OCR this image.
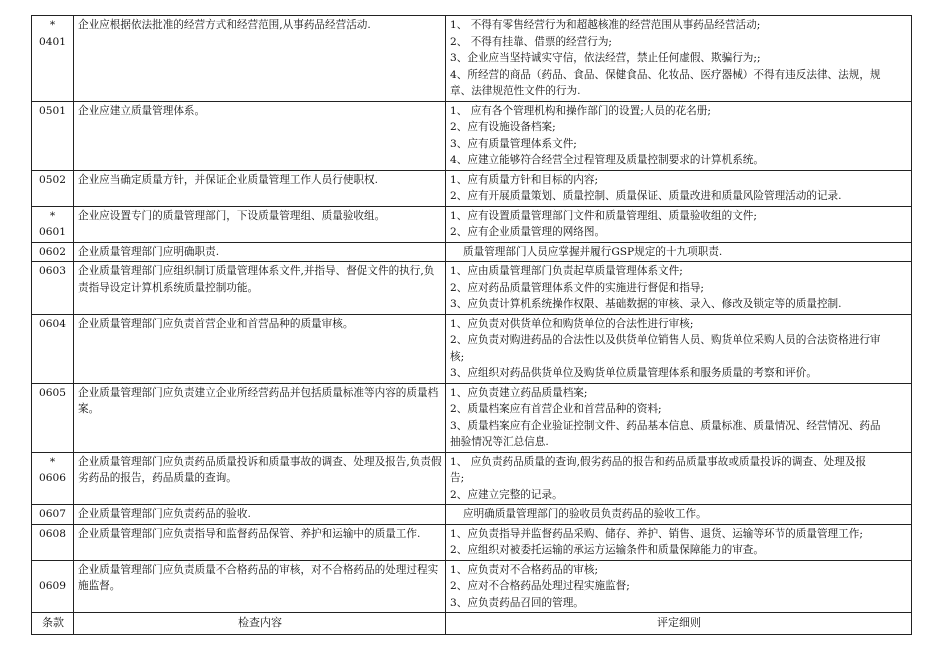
*
0401	企业应根据依法批准的经营方式和经营范围,从事药品经营活动.	1、 不得有零售经营行为和超越核准的经营范围从事药品经营活动;
2、 不得有挂靠、借票的经营行为;
3、企业应当坚持诚实守信，依法经营，禁止任何虚假、欺骗行为;;
4、所经营的商品（药品、食品、保健食品、化妆品、医疗器械）不得有违反法律、法规，规
章、法律规范性文件的行为.

0501	企业应建立质量管理体系。	1、 应有各个管理机构和操作部门的设置;人员的花名册;
2、应有设施设备档案;
3、应有质量管理体系文件;
4、应建立能够符合经营全过程管理及质量控制要求的计算机系统。

0502	企业应当确定质量方针，并保证企业质量管理工作人员行使职权.	1、应有质量方针和目标的内容;
2、应有开展质量策划、质量控制、质量保证、质量改进和质量风险管理活动的记录.

*
0601	企业应设置专门的质量管理部门，下设质量管理组、质量验收组。	1、应有设置质量管理部门文件和质量管理组、质量验收组的文件;
2、应有企业质量管理的网络图。

0602	企业质量管理部门应明确职责.	质量管理部门人员应掌握并履行GSP规定的十九项职责.

0603	企业质量管理部门应组织制订质量管理体系文件,并指导、督促文件的执行,负责指导设定计算机系统质量控制功能。	1、应由质量管理部门负责起草质量管理体系文件;
2、应对药品质量管理体系文件的实施进行督促和指导;
3、应负责计算机系统操作权限、基础数据的审核、录入、修改及锁定等的质量控制.

0604	企业质量管理部门应负责首营企业和首营品种的质量审核。	1、应负责对供货单位和购货单位的合法性进行审核;
2、应负责对购进药品的合法性以及供货单位销售人员、购货单位采购人员的合法资格进行审
核;
3、应组织对药品供货单位及购货单位质量管理体系和服务质量的考察和评价。

0605	企业质量管理部门应负责建立企业所经营药品并包括质量标准等内容的质量档案。	1、应负责建立药品质量档案;
2、质量档案应有首营企业和首营品种的资料;
3、质量档案应有企业验证控制文件、药品基本信息、质量标准、质量情况、经营情况、药品
抽验情况等汇总信息.

*
0606	企业质量管理部门应负责药品质量投诉和质量事故的调查、处理及报告,负责假劣药品的报告，药品质量的查询。	1、 应负责药品质量的查询,假劣药品的报告和药品质量事故或质量投诉的调查、处理及报
告;
2、应建立完整的记录。

0607	企业质量管理部门应负责药品的验收.	应明确质量管理部门的验收员负责药品的验收工作。

0608	企业质量管理部门应负责指导和监督药品保管、养护和运输中的质量工作.	1、应负责指导并监督药品采购、储存、养护、销售、退货、运输等环节的质量管理工作;
2、应组织对被委托运输的承运方运输条件和质量保障能力的审查。

0609	企业质量管理部门应负责质量不合格药品的审核，对不合格药品的处理过程实施监督。	1、应负责对不合格药品的审核;
2、应对不合格药品处理过程实施监督;
3、应负责药品召回的管理。

条款	检查内容	评定细则
